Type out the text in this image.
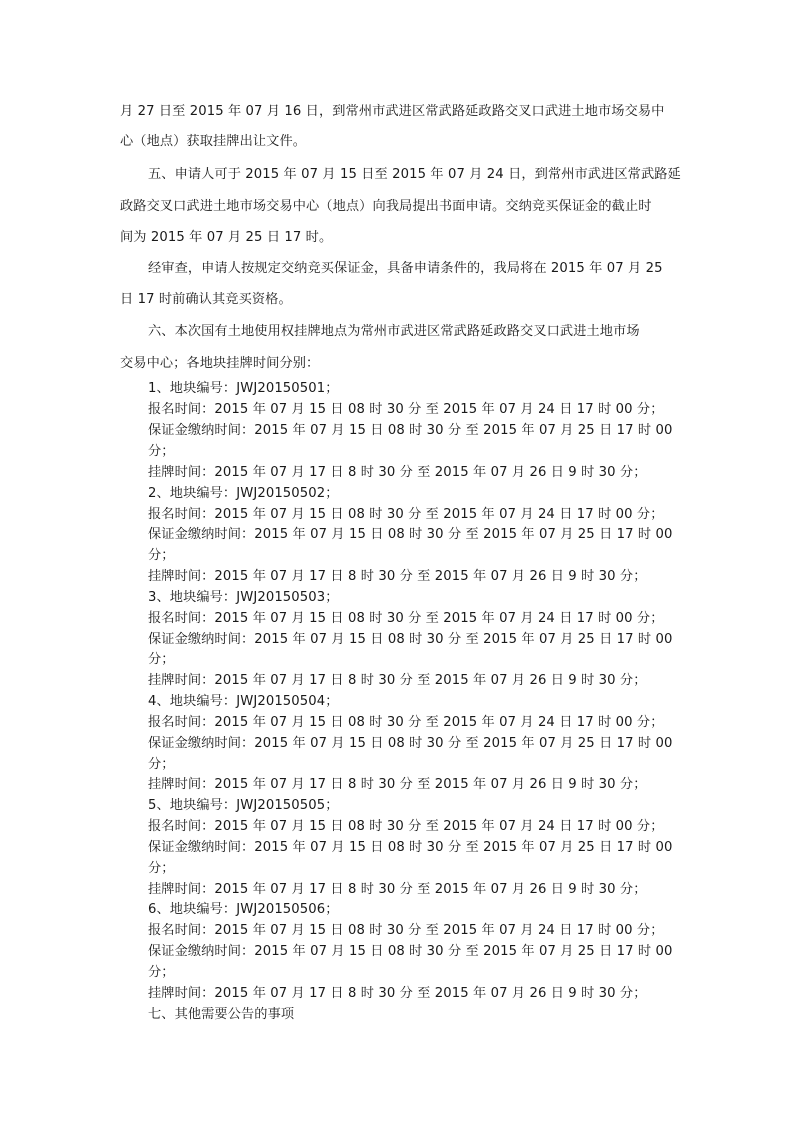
月 27 日至 2015 年 07 月 16 日，到常州市武进区常武路延政路交叉口武进土地市场交易中
心（地点）获取挂牌出让文件。
五、申请人可于 2015 年 07 月 15 日至 2015 年 07 月 24 日，到常州市武进区常武路延
政路交叉口武进土地市场交易中心（地点）向我局提出书面申请。交纳竞买保证金的截止时
间为 2015 年 07 月 25 日 17 时。
经审查，申请人按规定交纳竞买保证金，具备申请条件的，我局将在 2015 年 07 月 25
日 17 时前确认其竞买资格。
六、本次国有土地使用权挂牌地点为常州市武进区常武路延政路交叉口武进土地市场
交易中心；各地块挂牌时间分别：
1、地块编号：JWJ20150501；
报名时间：2015 年 07 月 15 日 08 时 30 分 至 2015 年 07 月 24 日 17 时 00 分；
保证金缴纳时间：2015 年 07 月 15 日 08 时 30 分 至 2015 年 07 月 25 日 17 时 00
分；
挂牌时间：2015 年 07 月 17 日 8 时 30 分 至 2015 年 07 月 26 日 9 时 30 分；
2、地块编号：JWJ20150502；
报名时间：2015 年 07 月 15 日 08 时 30 分 至 2015 年 07 月 24 日 17 时 00 分；
保证金缴纳时间：2015 年 07 月 15 日 08 时 30 分 至 2015 年 07 月 25 日 17 时 00
分；
挂牌时间：2015 年 07 月 17 日 8 时 30 分 至 2015 年 07 月 26 日 9 时 30 分；
3、地块编号：JWJ20150503；
报名时间：2015 年 07 月 15 日 08 时 30 分 至 2015 年 07 月 24 日 17 时 00 分；
保证金缴纳时间：2015 年 07 月 15 日 08 时 30 分 至 2015 年 07 月 25 日 17 时 00
分；
挂牌时间：2015 年 07 月 17 日 8 时 30 分 至 2015 年 07 月 26 日 9 时 30 分；
4、地块编号：JWJ20150504；
报名时间：2015 年 07 月 15 日 08 时 30 分 至 2015 年 07 月 24 日 17 时 00 分；
保证金缴纳时间：2015 年 07 月 15 日 08 时 30 分 至 2015 年 07 月 25 日 17 时 00
分；
挂牌时间：2015 年 07 月 17 日 8 时 30 分 至 2015 年 07 月 26 日 9 时 30 分；
5、地块编号：JWJ20150505；
报名时间：2015 年 07 月 15 日 08 时 30 分 至 2015 年 07 月 24 日 17 时 00 分；
保证金缴纳时间：2015 年 07 月 15 日 08 时 30 分 至 2015 年 07 月 25 日 17 时 00
分；
挂牌时间：2015 年 07 月 17 日 8 时 30 分 至 2015 年 07 月 26 日 9 时 30 分；
6、地块编号：JWJ20150506；
报名时间：2015 年 07 月 15 日 08 时 30 分 至 2015 年 07 月 24 日 17 时 00 分；
保证金缴纳时间：2015 年 07 月 15 日 08 时 30 分 至 2015 年 07 月 25 日 17 时 00
分；
挂牌时间：2015 年 07 月 17 日 8 时 30 分 至 2015 年 07 月 26 日 9 时 30 分；
七、其他需要公告的事项
